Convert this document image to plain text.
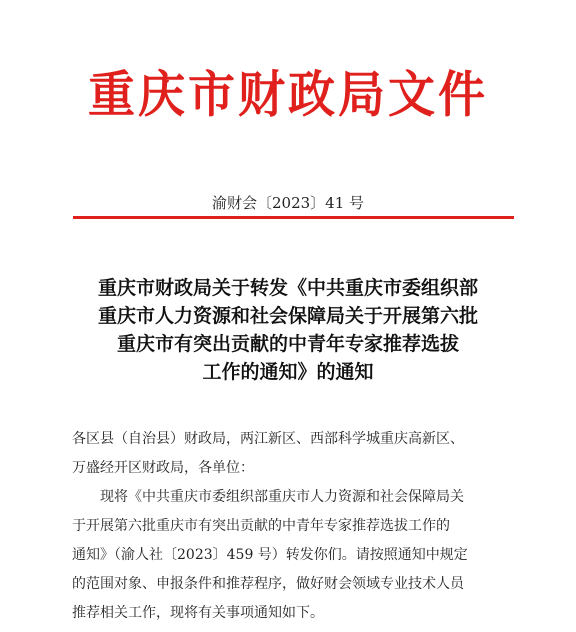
重庆市财政局文件
渝财会〔2023〕41 号
重庆市财政局关于转发《中共重庆市委组织部
重庆市人力资源和社会保障局关于开展第六批
重庆市有突出贡献的中青年专家推荐选拔
工作的通知》的通知
各区县（自治县）财政局，两江新区、西部科学城重庆高新区、
万盛经开区财政局，各单位：
　　现将《中共重庆市委组织部重庆市人力资源和社会保障局关
于开展第六批重庆市有突出贡献的中青年专家推荐选拔工作的
通知》（渝人社〔2023〕459 号）转发你们。请按照通知中规定
的范围对象、申报条件和推荐程序，做好财会领域专业技术人员
推荐相关工作，现将有关事项通知如下。
